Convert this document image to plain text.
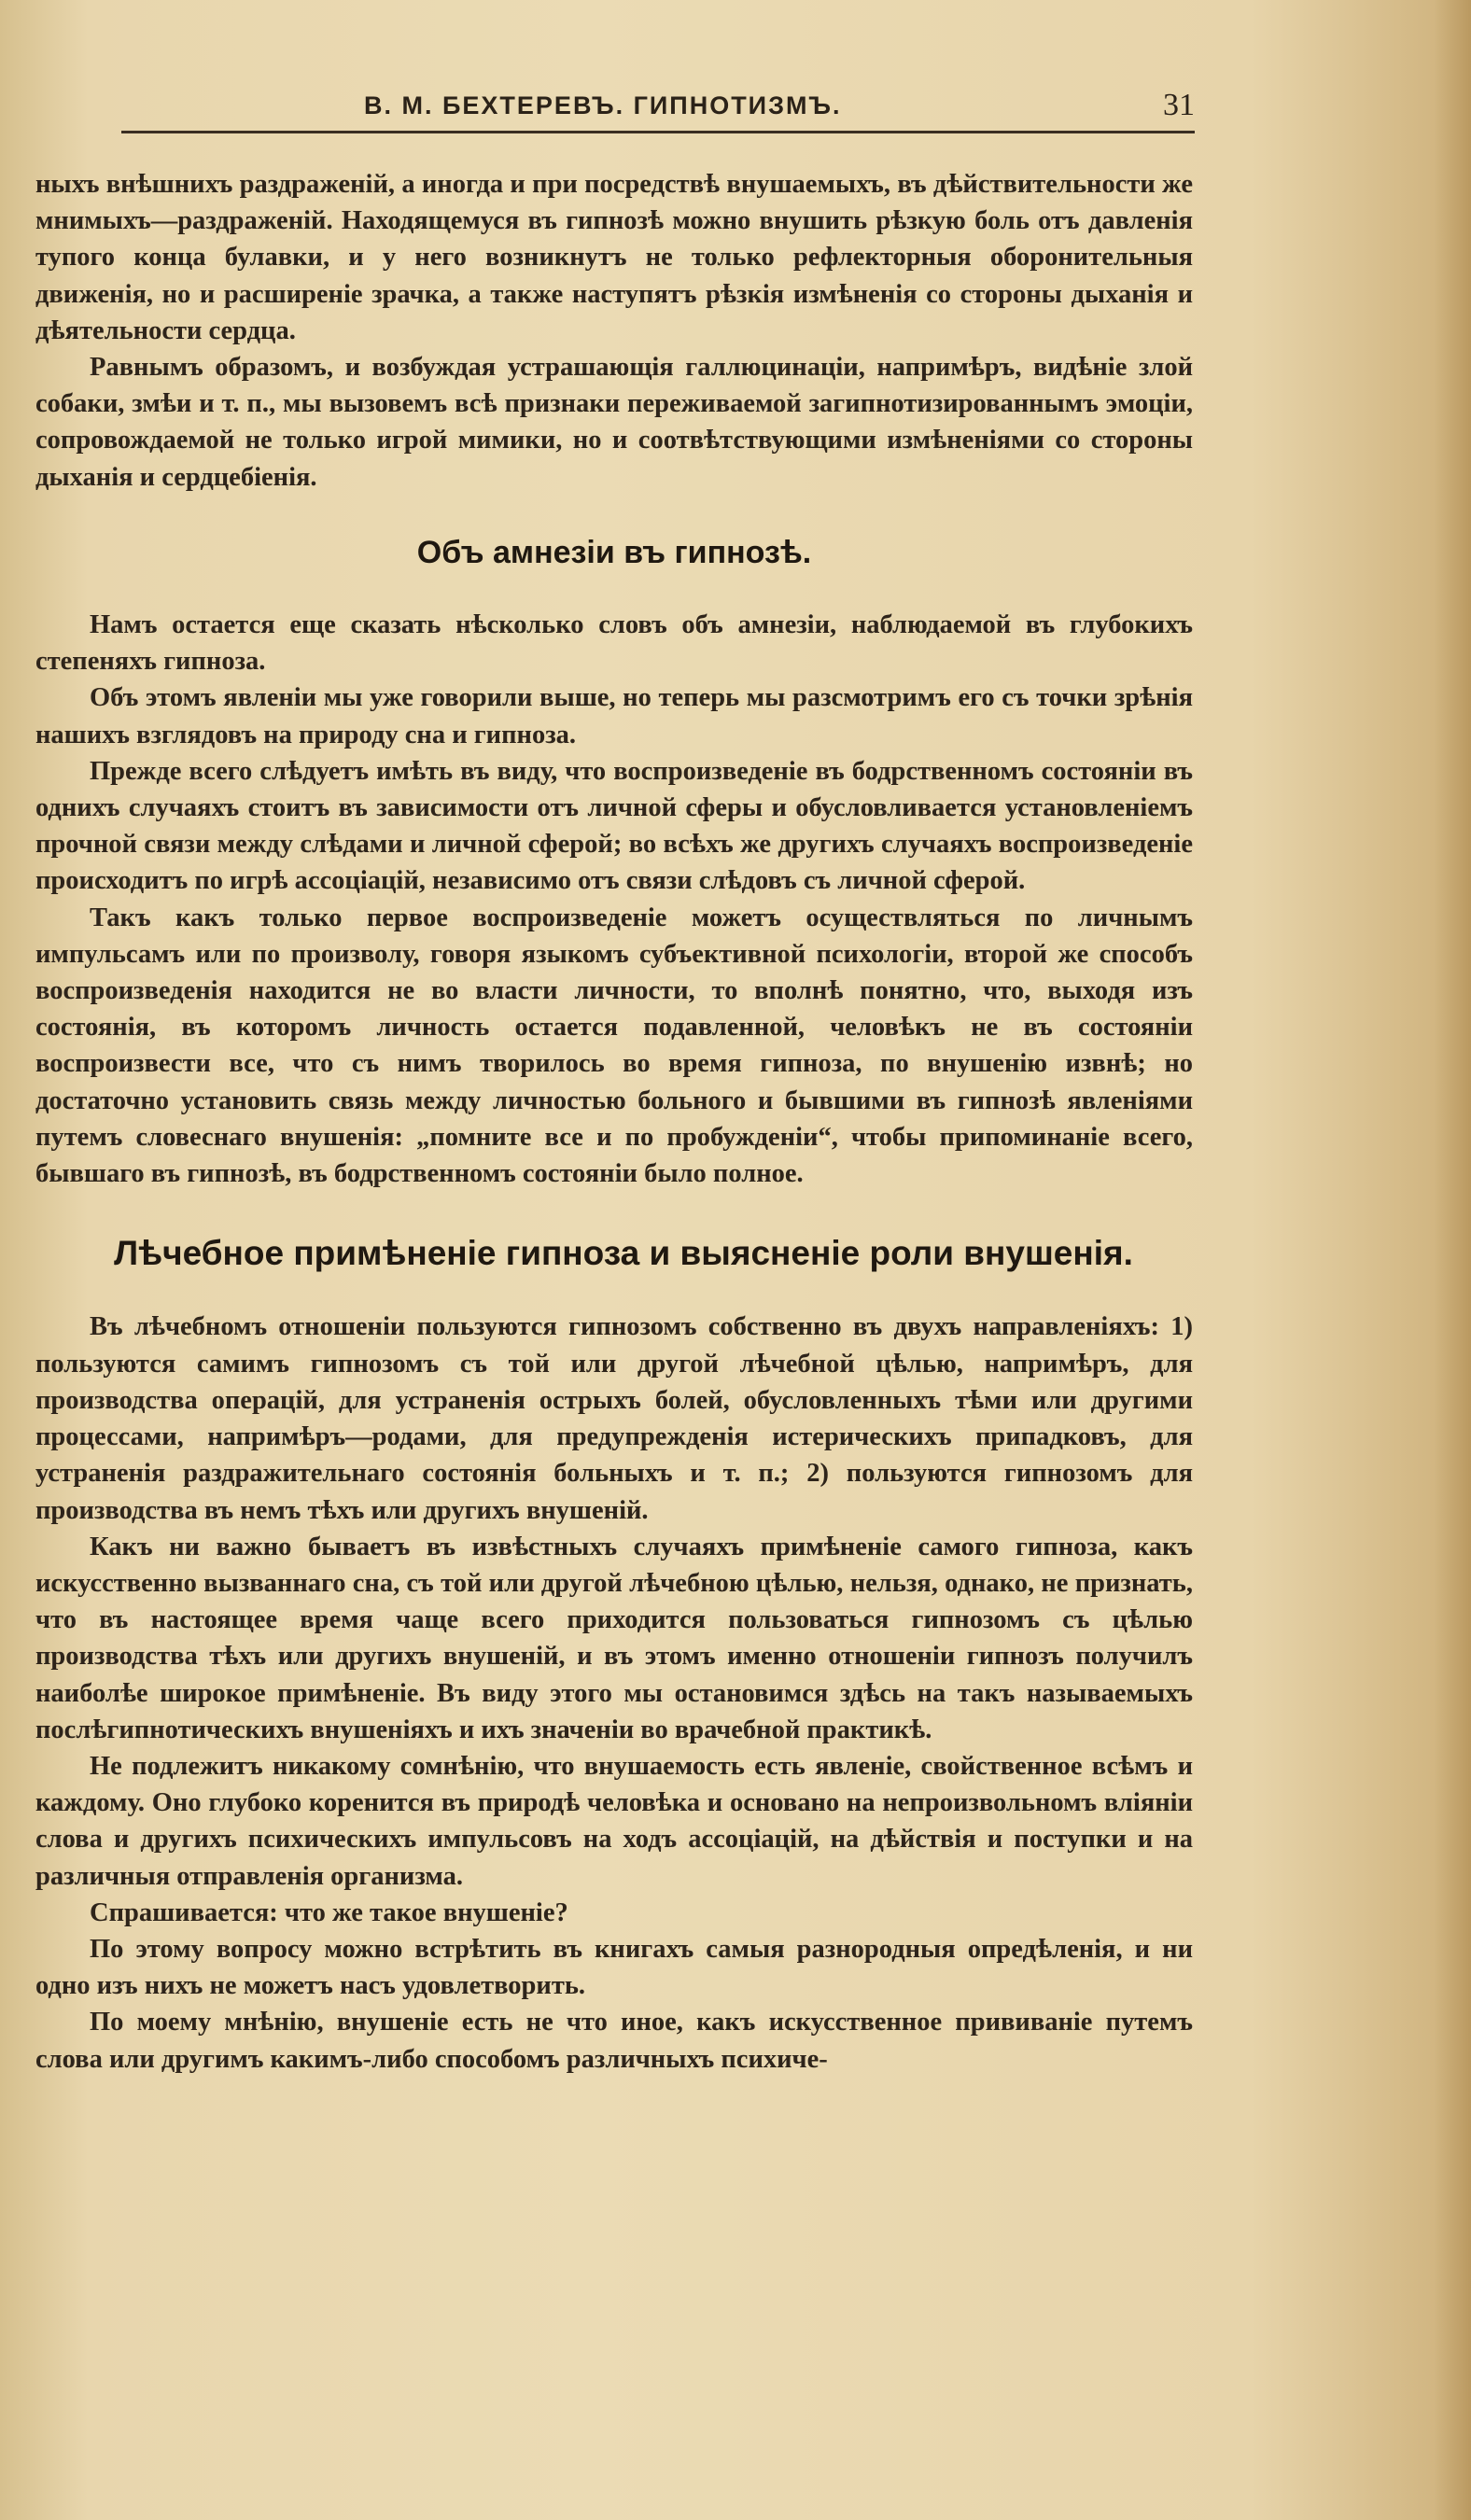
В. М. БЕХТЕРЕВЪ. ГИПНОТИЗМЪ.	31

ныхъ внѣшнихъ раздраженій, а иногда и при посредствѣ внушаемыхъ, въ дѣйствительности же мнимыхъ—раздраженій. Находящемуся въ гипнозѣ можно внушить рѣзкую боль отъ давленія тупого конца булавки, и у него возникнутъ не только рефлекторныя оборонительныя движенія, но и расширеніе зрачка, а также наступятъ рѣзкія измѣненія со стороны дыханія и дѣятельности сердца.

Равнымъ образомъ, и возбуждая устрашающія галлюцинаціи, напримѣръ, видѣніе злой собаки, змѣи и т. п., мы вызовемъ всѣ признаки переживаемой загипнотизированнымъ эмоціи, сопровождаемой не только игрой мимики, но и соотвѣтствующими измѣненіями со стороны дыханія и сердцебіенія.

Объ амнезіи въ гипнозѣ.

Намъ остается еще сказать нѣсколько словъ объ амнезіи, наблюдаемой въ глубокихъ степеняхъ гипноза.

Объ этомъ явленіи мы уже говорили выше, но теперь мы разсмотримъ его съ точки зрѣнія нашихъ взглядовъ на природу сна и гипноза.

Прежде всего слѣдуетъ имѣть въ виду, что воспроизведеніе въ бодрственномъ состояніи въ однихъ случаяхъ стоитъ въ зависимости отъ личной сферы и обусловливается установленіемъ прочной связи между слѣдами и личной сферой; во всѣхъ же другихъ случаяхъ воспроизведеніе происходитъ по игрѣ ассоціацій, независимо отъ связи слѣдовъ съ личной сферой.

Такъ какъ только первое воспроизведеніе можетъ осуществляться по личнымъ импульсамъ или по произволу, говоря языкомъ субъективной психологіи, второй же способъ воспроизведенія находится не во власти личности, то вполнѣ понятно, что, выходя изъ состоянія, въ которомъ личность остается подавленной, человѣкъ не въ состояніи воспроизвести все, что съ нимъ творилось во время гипноза, по внушенію извнѣ; но достаточно установить связь между личностью больного и бывшими въ гипнозѣ явленіями путемъ словеснаго внушенія: „помните все и по пробужденіи“, чтобы припоминаніе всего, бывшаго въ гипнозѣ, въ бодрственномъ состояніи было полное.

Лѣчебное примѣненіе гипноза и выясненіе роли внушенія.

Въ лѣчебномъ отношеніи пользуются гипнозомъ собственно въ двухъ направленіяхъ: 1) пользуются самимъ гипнозомъ съ той или другой лѣчебной цѣлью, напримѣръ, для производства операцій, для устраненія острыхъ болей, обусловленныхъ тѣми или другими процессами, напримѣръ—родами, для предупрежденія истерическихъ припадковъ, для устраненія раздражительнаго состоянія больныхъ и т. п.; 2) пользуются гипнозомъ для производства въ немъ тѣхъ или другихъ внушеній.

Какъ ни важно бываетъ въ извѣстныхъ случаяхъ примѣненіе самого гипноза, какъ искусственно вызваннаго сна, съ той или другой лѣчебною цѣлью, нельзя, однако, не признать, что въ настоящее время чаще всего приходится пользоваться гипнозомъ съ цѣлью производства тѣхъ или другихъ внушеній, и въ этомъ именно отношеніи гипнозъ получилъ наиболѣе широкое примѣненіе. Въ виду этого мы остановимся здѣсь на такъ называемыхъ послѣгипнотическихъ внушеніяхъ и ихъ значеніи во врачебной практикѣ.

Не подлежитъ никакому сомнѣнію, что внушаемость есть явленіе, свойственное всѣмъ и каждому. Оно глубоко коренится въ природѣ человѣка и основано на непроизвольномъ вліяніи слова и другихъ психическихъ импульсовъ на ходъ ассоціацій, на дѣйствія и поступки и на различныя отправленія организма.

Спрашивается: что же такое внушеніе?

По этому вопросу можно встрѣтить въ книгахъ самыя разнородныя опредѣленія, и ни одно изъ нихъ не можетъ насъ удовлетворить.

По моему мнѣнію, внушеніе есть не что иное, какъ искусственное прививаніе путемъ слова или другимъ какимъ-либо способомъ различныхъ психиче-
